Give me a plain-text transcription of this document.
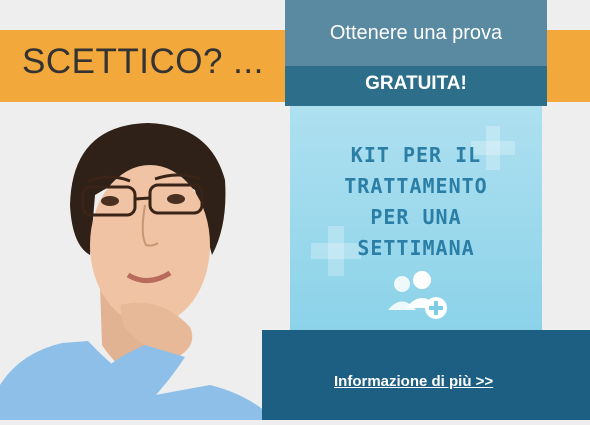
SCETTICO? ...
Ottenere una prova
GRATUITA!
KIT PER IL
TRATTAMENTO
PER UNA
SETTIMANA
Informazione di più >>
